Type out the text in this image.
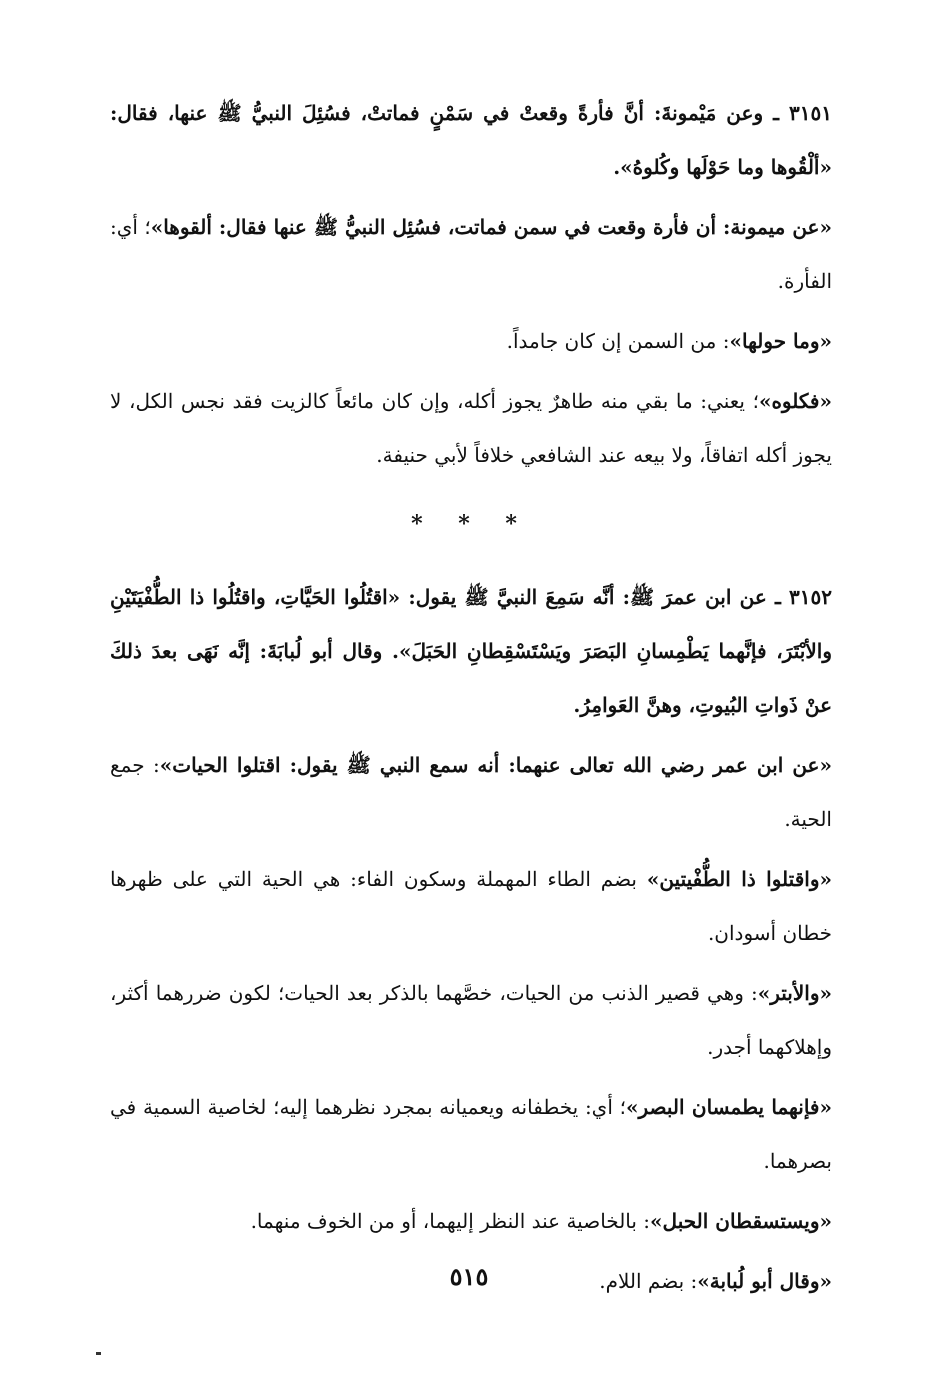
٣١٥١ ـ وعن مَيْمونةَ: أنَّ فأرةً وقعتْ في سَمْنٍ فماتتْ، فسُئِلَ النبيُّ ﷺ عنها، فقال: «ألْقُوها وما حَوْلَها وكُلوهُ».

«عن ميمونة: أن فأرة وقعت في سمن فماتت، فسُئِل النبيُّ ﷺ عنها فقال: ألقوها»؛ أي: الفأرة.

«وما حولها»: من السمن إن كان جامداً.

«فكلوه»؛ يعني: ما بقي منه طاهرٌ يجوز أكله، وإن كان مائعاً كالزيت فقد نجس الكل، لا يجوز أكله اتفاقاً، ولا بيعه عند الشافعي خلافاً لأبي حنيفة.

* * *

٣١٥٢ ـ عن ابن عمرَ ﷺ: أنَّه سَمِعَ النبيَّ ﷺ يقول: «اقتُلُوا الحَيَّاتِ، واقتُلُوا ذا الطُّفْيَتَيْنِ والأبْتَرَ، فإنَّهما يَطْمِسانِ البَصَرَ ويَسْتَسْقِطانِ الحَبَلَ». وقال أبو لُبابَةَ: إنَّه نَهَى بعدَ ذلكَ عنْ ذَواتِ البُيوتِ، وهنَّ العَوامِرُ.

«عن ابن عمر رضي الله تعالى عنهما: أنه سمع النبي ﷺ يقول: اقتلوا الحيات»: جمع الحية.

«واقتلوا ذا الطُّفْيتين» بضم الطاء المهملة وسكون الفاء: هي الحية التي على ظهرها خطان أسودان.

«والأبتر»: وهي قصير الذنب من الحيات، خصَّهما بالذكر بعد الحيات؛ لكون ضررهما أكثر، وإهلاكهما أجدر.

«فإنهما يطمسان البصر»؛ أي: يخطفانه ويعميانه بمجرد نظرهما إليه؛ لخاصية السمية في بصرهما.

«ويستسقطان الحبل»: بالخاصية عند النظر إليهما، أو من الخوف منهما.

«وقال أبو لُبابة»: بضم اللام.

٥١٥
